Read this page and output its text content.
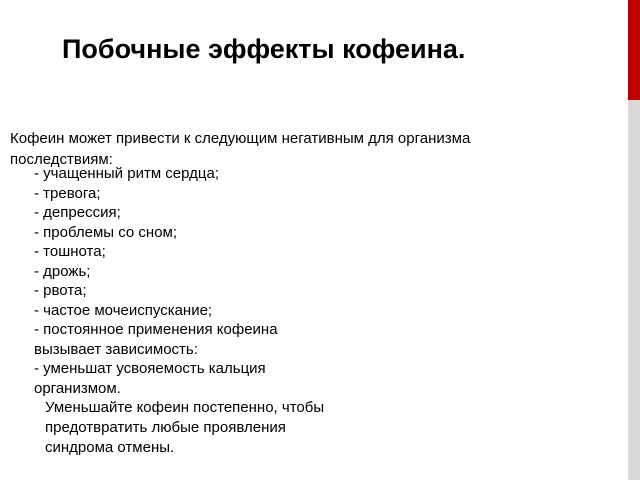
Побочные эффекты кофеина.
Кофеин может привести к следующим негативным для организма
последствиям:
- учащенный ритм сердца;
- тревога;
- депрессия;
- проблемы со сном;
- тошнота;
- дрожь;
- рвота;
- частое мочеиспускание;
- постоянное применения кофеина
вызывает зависимость:
- уменьшат усвояемость кальция
организмом.
Уменьшайте кофеин постепенно, чтобы
предотвратить любые проявления
синдрома отмены.
